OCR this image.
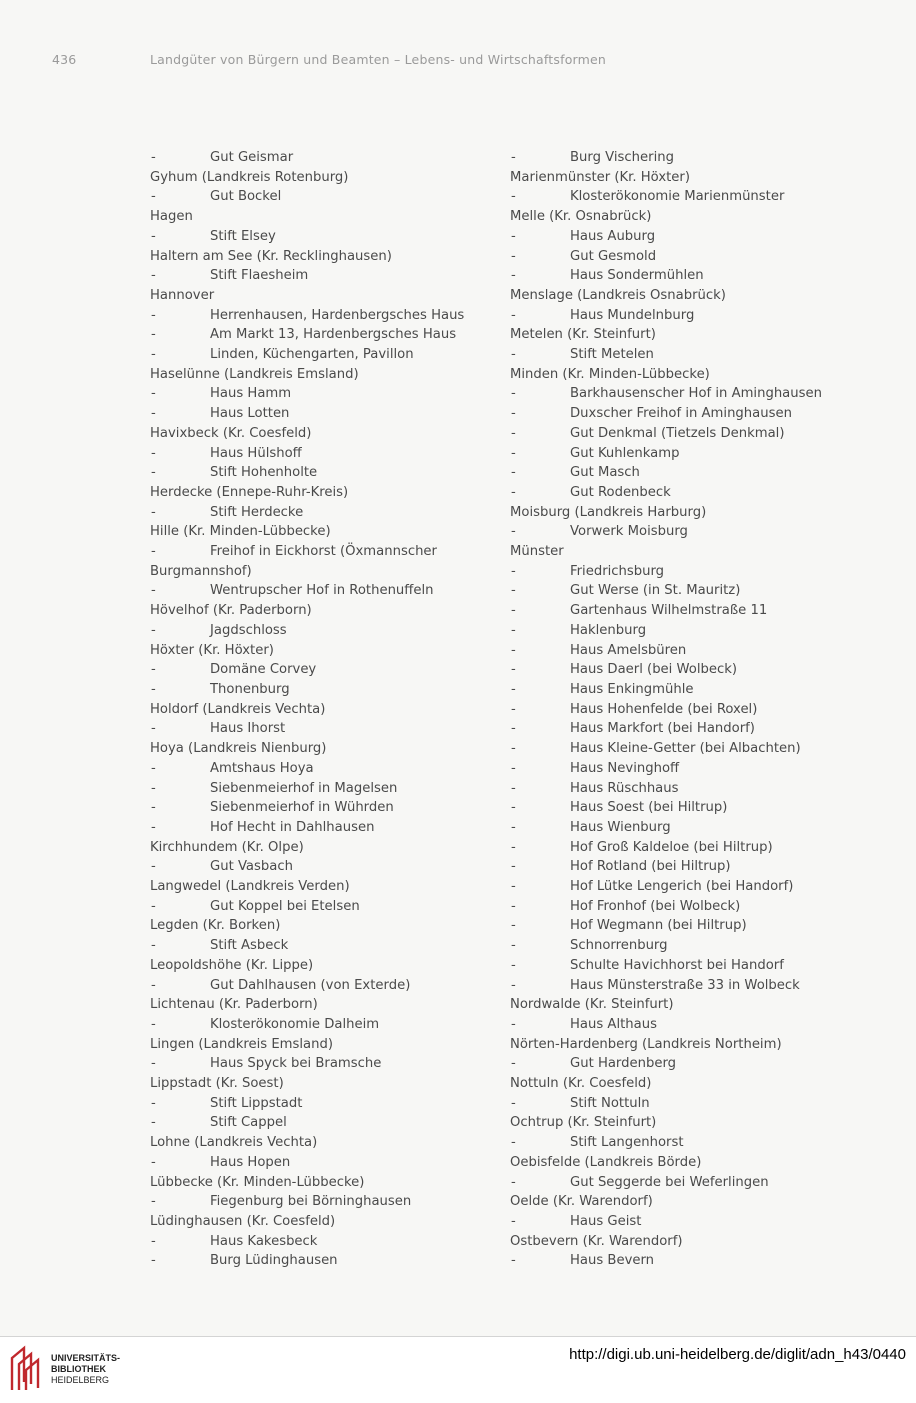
436	Landgüter von Bürgern und Beamten – Lebens- und Wirtschaftsformen
-	Gut Geismar
Gyhum (Landkreis Rotenburg)
-	Gut Bockel
Hagen
-	Stift Elsey
Haltern am See (Kr. Recklinghausen)
-	Stift Flaesheim
Hannover
-	Herrenhausen, Hardenbergsches Haus
-	Am Markt 13, Hardenbergsches Haus
-	Linden, Küchengarten, Pavillon
Haselünne (Landkreis Emsland)
-	Haus Hamm
-	Haus Lotten
Havixbeck (Kr. Coesfeld)
-	Haus Hülshoff
-	Stift Hohenholte
Herdecke (Ennepe-Ruhr-Kreis)
-	Stift Herdecke
Hille (Kr. Minden-Lübbecke)
-	Freihof in Eickhorst (Öxmannscher
Burgmannshof)
-	Wentrupscher Hof in Rothenuffeln
Hövelhof (Kr. Paderborn)
-	Jagdschloss
Höxter (Kr. Höxter)
-	Domäne Corvey
-	Thonenburg
Holdorf (Landkreis Vechta)
-	Haus Ihorst
Hoya (Landkreis Nienburg)
-	Amtshaus Hoya
-	Siebenmeierhof in Magelsen
-	Siebenmeierhof in Wührden
-	Hof Hecht in Dahlhausen
Kirchhundem (Kr. Olpe)
-	Gut Vasbach
Langwedel (Landkreis Verden)
-	Gut Koppel bei Etelsen
Legden (Kr. Borken)
-	Stift Asbeck
Leopoldshöhe (Kr. Lippe)
-	Gut Dahlhausen (von Exterde)
Lichtenau (Kr. Paderborn)
-	Klosterökonomie Dalheim
Lingen (Landkreis Emsland)
-	Haus Spyck bei Bramsche
Lippstadt (Kr. Soest)
-	Stift Lippstadt
-	Stift Cappel
Lohne (Landkreis Vechta)
-	Haus Hopen
Lübbecke (Kr. Minden-Lübbecke)
-	Fiegenburg bei Börninghausen
Lüdinghausen (Kr. Coesfeld)
-	Haus Kakesbeck
-	Burg Lüdinghausen
-	Burg Vischering
Marienmünster (Kr. Höxter)
-	Klosterökonomie Marienmünster
Melle (Kr. Osnabrück)
-	Haus Auburg
-	Gut Gesmold
-	Haus Sondermühlen
Menslage (Landkreis Osnabrück)
-	Haus Mundelnburg
Metelen (Kr. Steinfurt)
-	Stift Metelen
Minden (Kr. Minden-Lübbecke)
-	Barkhausenscher Hof in Aminghausen
-	Duxscher Freihof in Aminghausen
-	Gut Denkmal (Tietzels Denkmal)
-	Gut Kuhlenkamp
-	Gut Masch
-	Gut Rodenbeck
Moisburg (Landkreis Harburg)
-	Vorwerk Moisburg
Münster
-	Friedrichsburg
-	Gut Werse (in St. Mauritz)
-	Gartenhaus Wilhelmstraße 11
-	Haklenburg
-	Haus Amelsbüren
-	Haus Daerl (bei Wolbeck)
-	Haus Enkingmühle
-	Haus Hohenfelde (bei Roxel)
-	Haus Markfort (bei Handorf)
-	Haus Kleine-Getter (bei Albachten)
-	Haus Nevinghoff
-	Haus Rüschhaus
-	Haus Soest (bei Hiltrup)
-	Haus Wienburg
-	Hof Groß Kaldeloe (bei Hiltrup)
-	Hof Rotland (bei Hiltrup)
-	Hof Lütke Lengerich (bei Handorf)
-	Hof Fronhof (bei Wolbeck)
-	Hof Wegmann (bei Hiltrup)
-	Schnorrenburg
-	Schulte Havichhorst bei Handorf
-	Haus Münsterstraße 33 in Wolbeck
Nordwalde (Kr. Steinfurt)
-	Haus Althaus
Nörten-Hardenberg (Landkreis Northeim)
-	Gut Hardenberg
Nottuln (Kr. Coesfeld)
-	Stift Nottuln
Ochtrup (Kr. Steinfurt)
-	Stift Langenhorst
Oebisfelde (Landkreis Börde)
-	Gut Seggerde bei Weferlingen
Oelde (Kr. Warendorf)
-	Haus Geist
Ostbevern (Kr. Warendorf)
-	Haus Bevern
UNIVERSITÄTS-
BIBLIOTHEK
HEIDELBERG
http://digi.ub.uni-heidelberg.de/diglit/adn_h43/0440
